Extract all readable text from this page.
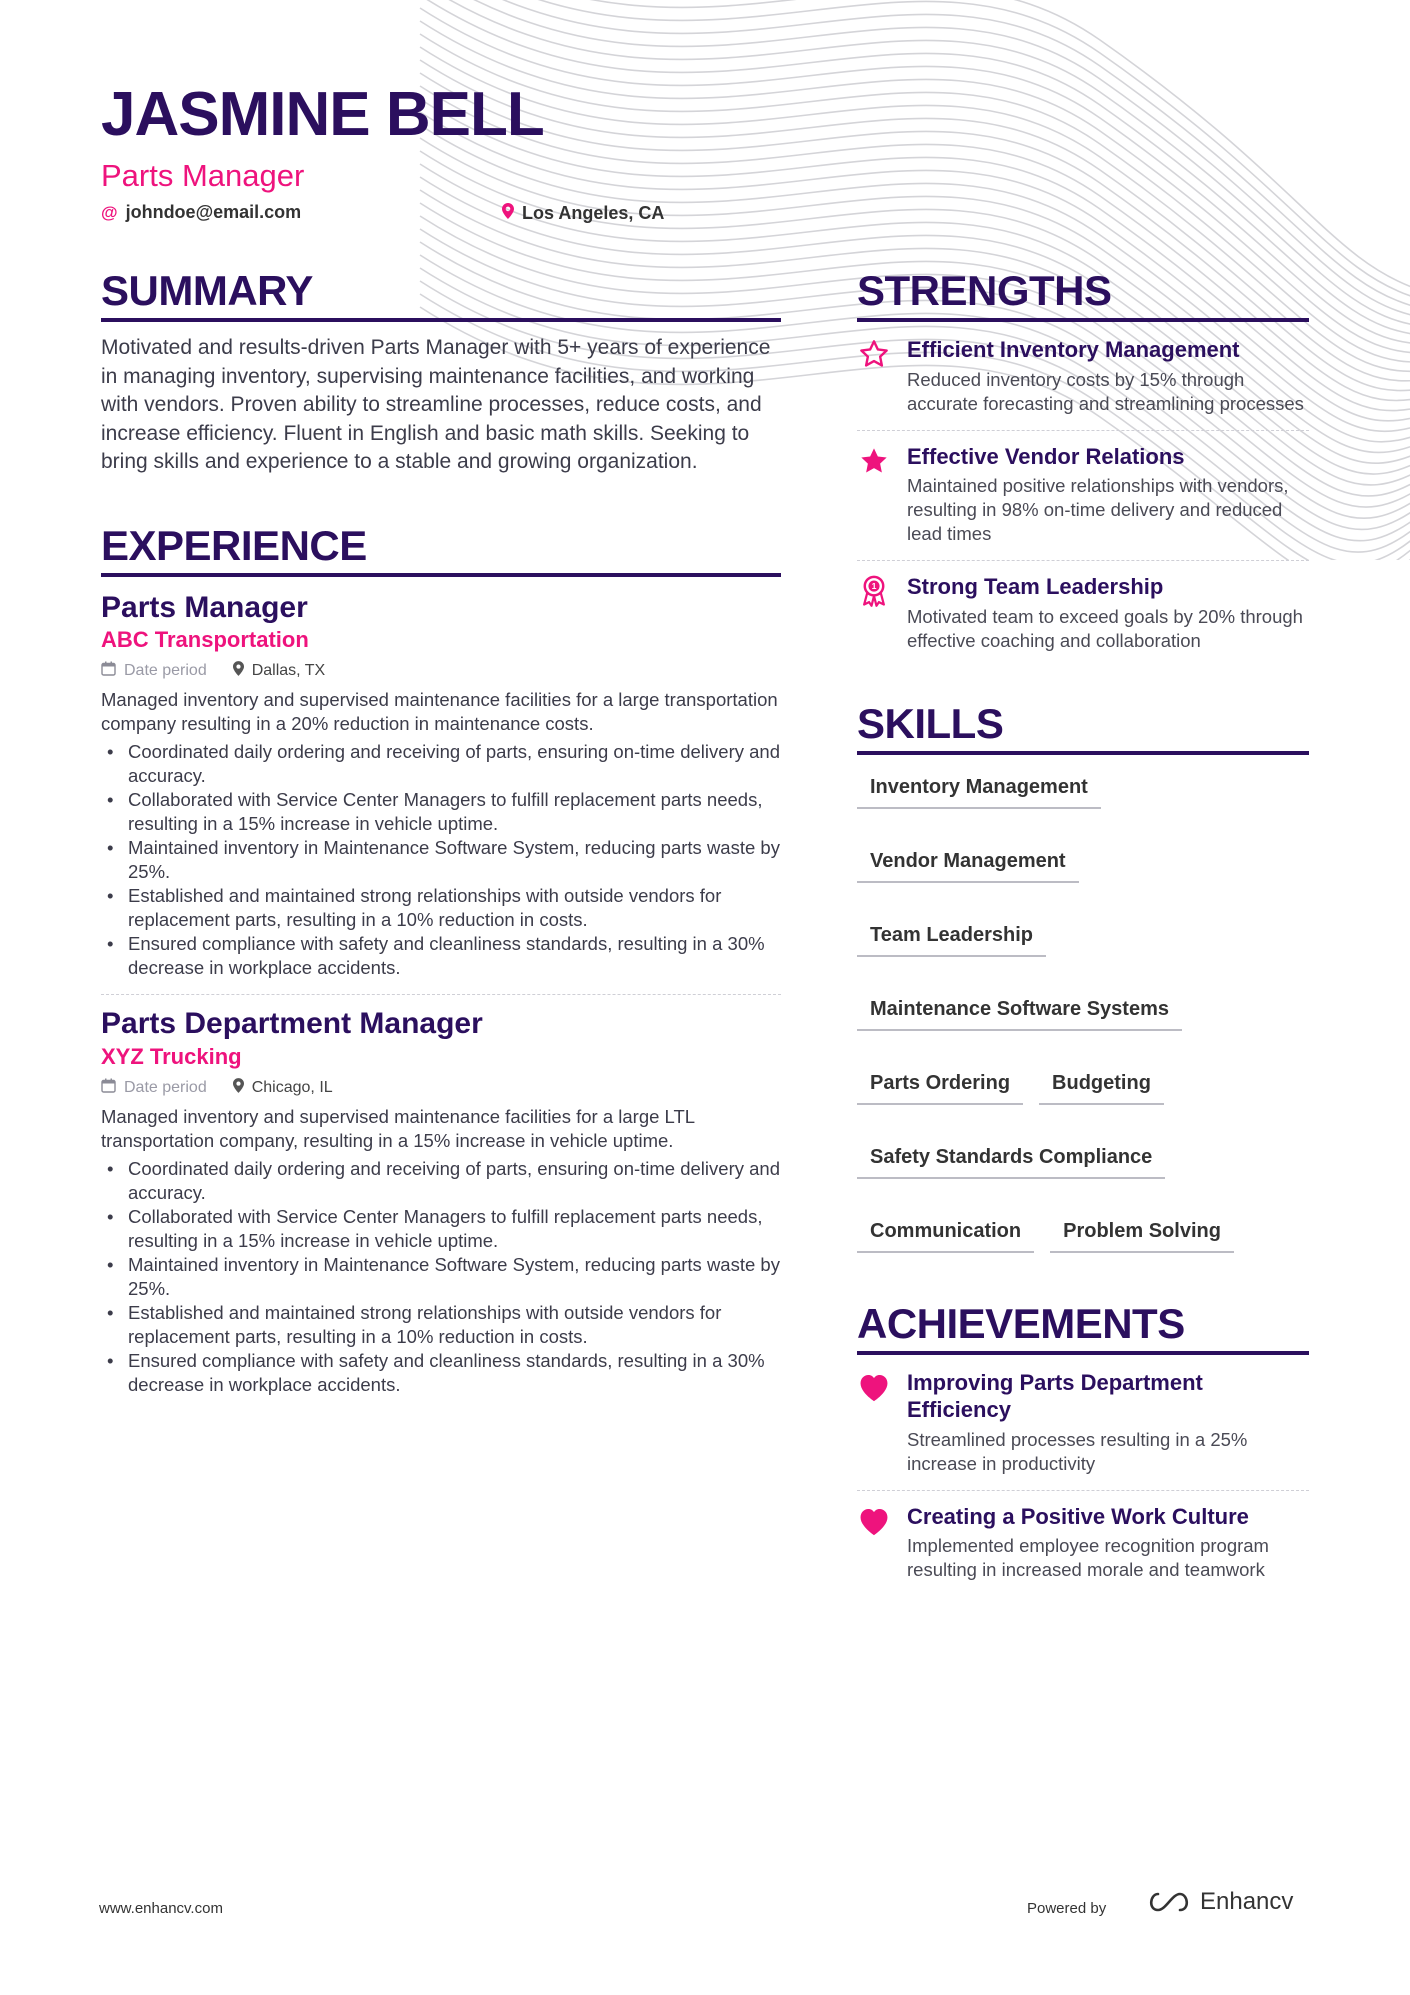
JASMINE BELL
Parts Manager
@ johndoe@email.com	Los Angeles, CA
SUMMARY

Motivated and results-driven Parts Manager with 5+ years of experience in managing inventory, supervising maintenance facilities, and working with vendors. Proven ability to streamline processes, reduce costs, and increase efficiency. Fluent in English and basic math skills. Seeking to bring skills and experience to a stable and growing organization.

EXPERIENCE
Parts Manager
ABC Transportation
Date period	Dallas, TX

Managed inventory and supervised maintenance facilities for a large transportation company resulting in a 20% reduction in maintenance costs.

• Coordinated daily ordering and receiving of parts, ensuring on-time delivery and accuracy.
• Collaborated with Service Center Managers to fulfill replacement parts needs, resulting in a 15% increase in vehicle uptime.
• Maintained inventory in Maintenance Software System, reducing parts waste by 25%.
• Established and maintained strong relationships with outside vendors for replacement parts, resulting in a 10% reduction in costs.
• Ensured compliance with safety and cleanliness standards, resulting in a 30% decrease in workplace accidents.
Parts Department Manager
XYZ Trucking
Date period	Chicago, IL

Managed inventory and supervised maintenance facilities for a large LTL transportation company, resulting in a 15% increase in vehicle uptime.

• Coordinated daily ordering and receiving of parts, ensuring on-time delivery and accuracy.
• Collaborated with Service Center Managers to fulfill replacement parts needs, resulting in a 15% increase in vehicle uptime.
• Maintained inventory in Maintenance Software System, reducing parts waste by 25%.
• Established and maintained strong relationships with outside vendors for replacement parts, resulting in a 10% reduction in costs.
• Ensured compliance with safety and cleanliness standards, resulting in a 30% decrease in workplace accidents.
STRENGTHS
Efficient Inventory Management
Reduced inventory costs by 15% through accurate forecasting and streamlining processes
Effective Vendor Relations
Maintained positive relationships with vendors, resulting in 98% on-time delivery and reduced lead times
1 Strong Team Leadership
Motivated team to exceed goals by 20% through effective coaching and collaboration
SKILLS
Inventory Management
Vendor Management
Team Leadership
Maintenance Software Systems
Parts Ordering	Budgeting
Safety Standards Compliance
Communication	Problem Solving
ACHIEVEMENTS
Improving Parts Department Efficiency
Streamlined processes resulting in a 25% increase in productivity
Creating a Positive Work Culture
Implemented employee recognition program resulting in increased morale and teamwork
www.enhancv.com	Powered by	Enhancv
